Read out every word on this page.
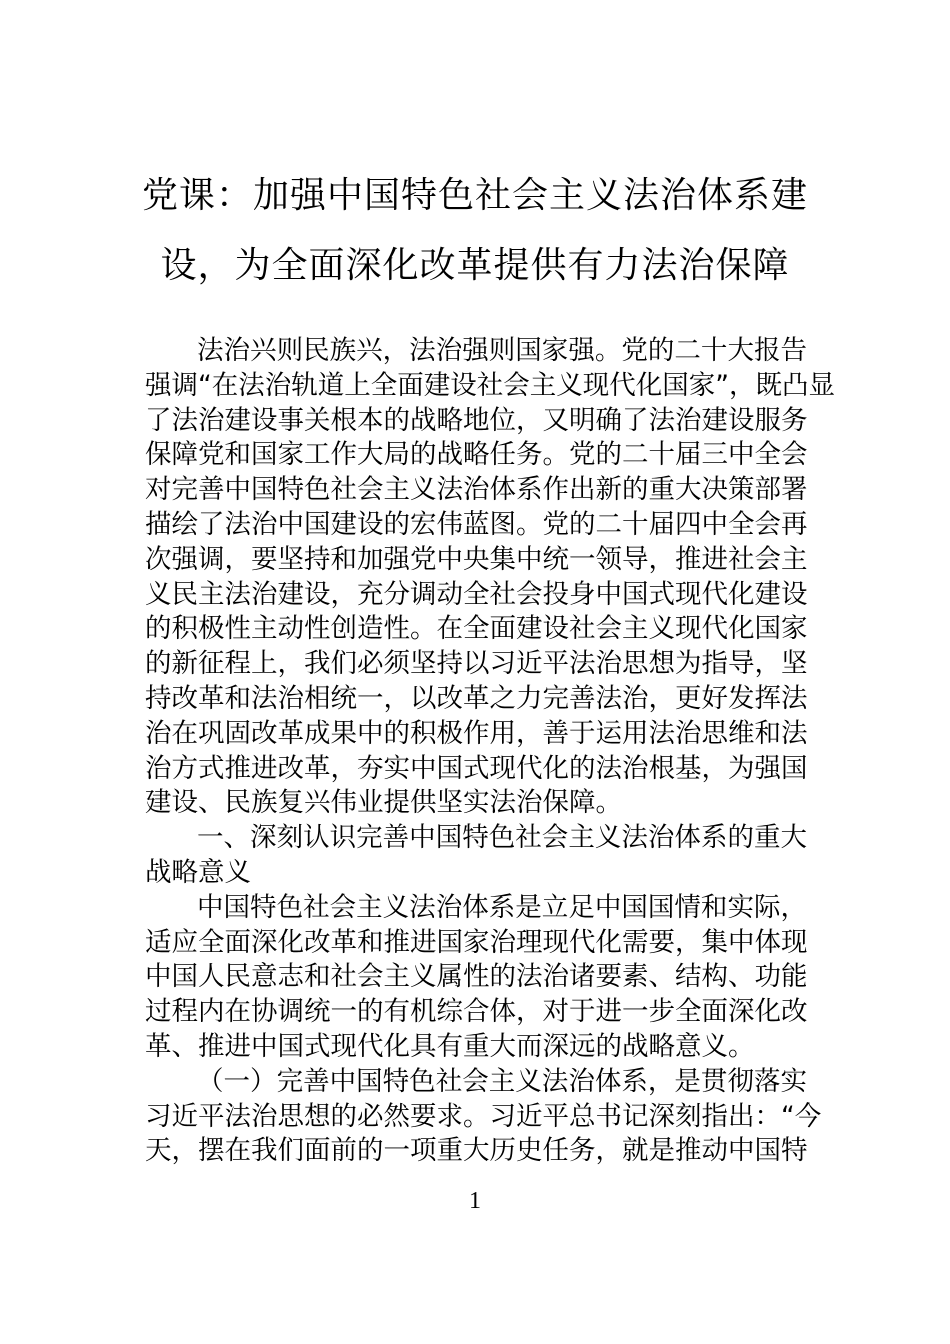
党课：加强中国特色社会主义法治体系建
设，为全面深化改革提供有力法治保障
法治兴则民族兴，法治强则国家强。党的二十大报告
强调“在法治轨道上全面建设社会主义现代化国家”，既凸显
了法治建设事关根本的战略地位，又明确了法治建设服务
保障党和国家工作大局的战略任务。党的二十届三中全会
对完善中国特色社会主义法治体系作出新的重大决策部署
描绘了法治中国建设的宏伟蓝图。党的二十届四中全会再
次强调，要坚持和加强党中央集中统一领导，推进社会主
义民主法治建设，充分调动全社会投身中国式现代化建设
的积极性主动性创造性。在全面建设社会主义现代化国家
的新征程上，我们必须坚持以习近平法治思想为指导，坚
持改革和法治相统一，以改革之力完善法治，更好发挥法
治在巩固改革成果中的积极作用，善于运用法治思维和法
治方式推进改革，夯实中国式现代化的法治根基，为强国
建设、民族复兴伟业提供坚实法治保障。
一、深刻认识完善中国特色社会主义法治体系的重大
战略意义
中国特色社会主义法治体系是立足中国国情和实际，
适应全面深化改革和推进国家治理现代化需要，集中体现
中国人民意志和社会主义属性的法治诸要素、结构、功能
过程内在协调统一的有机综合体，对于进一步全面深化改
革、推进中国式现代化具有重大而深远的战略意义。
（一）完善中国特色社会主义法治体系，是贯彻落实
习近平法治思想的必然要求。习近平总书记深刻指出：“今
天，摆在我们面前的一项重大历史任务，就是推动中国特
1
